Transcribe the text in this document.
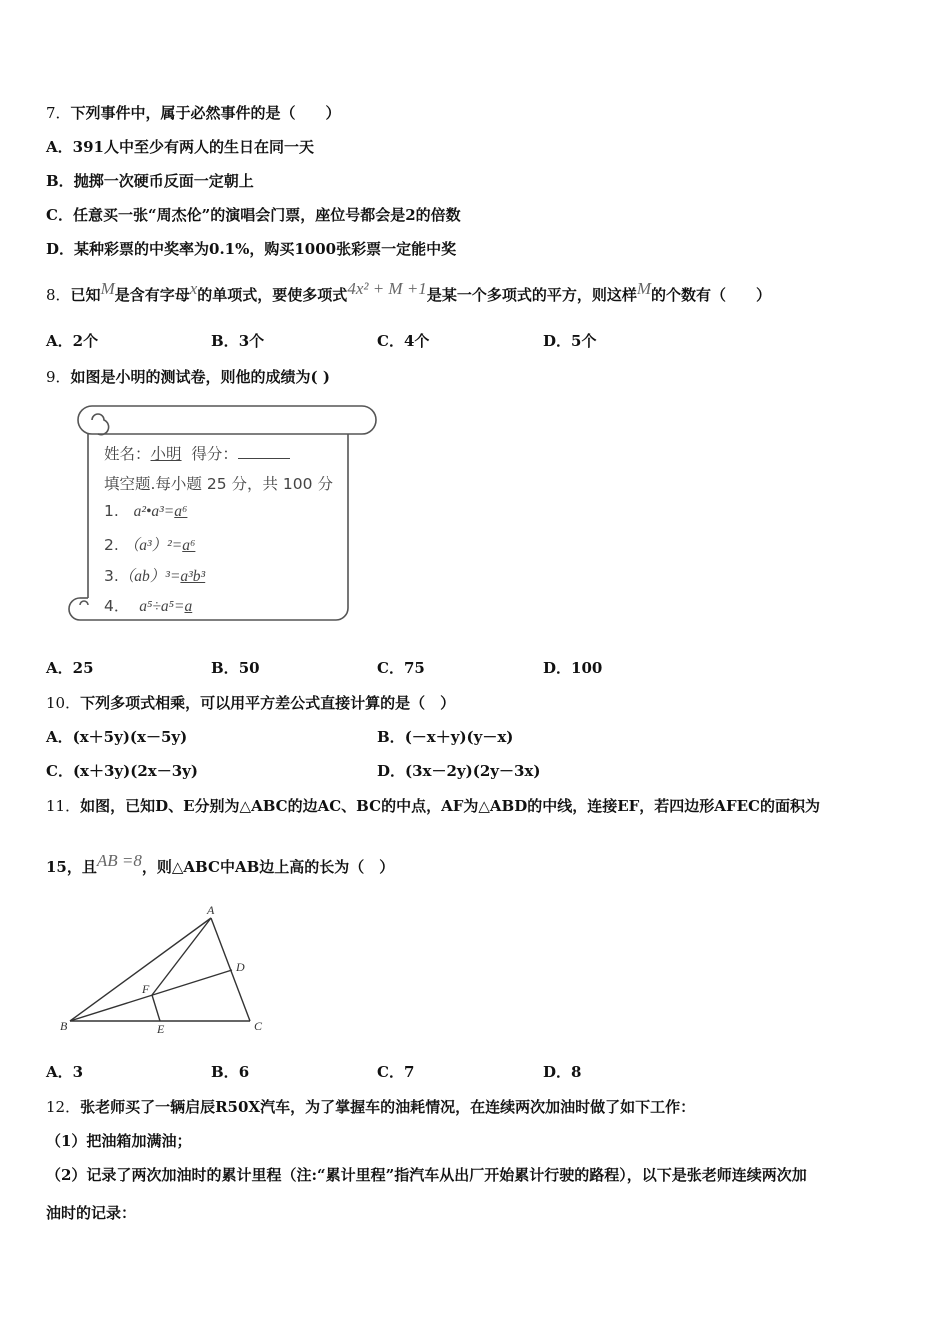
7．下列事件中，属于必然事件的是（　　）
A．391人中至少有两人的生日在同一天
B．抛掷一次硬币反面一定朝上
C．任意买一张“周杰伦”的演唱会门票，座位号都会是2的倍数
D．某种彩票的中奖率为0.1%，购买1000张彩票一定能中奖
8．已知M是含有字母x的单项式，要使多项式4x² + M +1是某一个多项式的平方，则这样M的个数有（　　）
A．2个	B．3个	C．4个	D．5个
9．如图是小明的测试卷，则他的成绩为( )
姓名：小明 得分：
填空题.每小题 25 分，共 100 分
1. a²•a³=a⁶
2. （a³）²=a⁶
3.（ab）³=a³b³
4． a⁵÷a⁵=a
A．25	B．50	C．75	D．100
10．下列多项式相乘，可以用平方差公式直接计算的是（　）
A．(x＋5y)(x－5y)	B．(－x＋y)(y－x)
C．(x＋3y)(2x－3y)	D．(3x－2y)(2y－3x)
11．如图，已知D、E分别为△ABC的边AC、BC的中点，AF为△ABD的中线，连接EF，若四边形AFEC的面积为
15，且AB =8，则△ABC中AB边上高的长为（　）
A
B	C
D
E
F
A．3	B．6	C．7	D．8
12．张老师买了一辆启辰R50X汽车，为了掌握车的油耗情况，在连续两次加油时做了如下工作：
（1）把油箱加满油；
（2）记录了两次加油时的累计里程（注:“累计里程”指汽车从出厂开始累计行驶的路程），以下是张老师连续两次加
油时的记录：
